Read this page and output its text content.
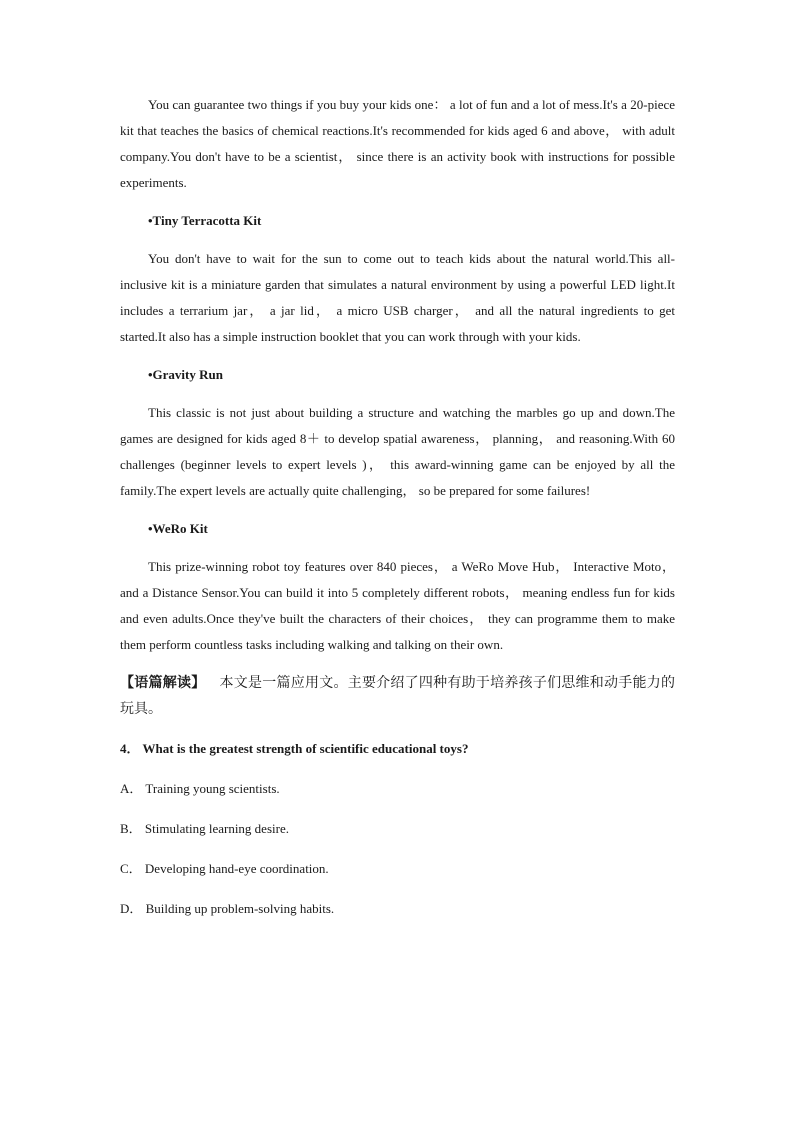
You can guarantee two things if you buy your kids one： a lot of fun and a lot of mess.It's a 20-piece kit that teaches the basics of chemical reactions.It's recommended for kids aged 6 and above， with adult company.You don't have to be a scientist， since there is an activity book with instructions for possible experiments.

•Tiny Terracotta Kit

You don't have to wait for the sun to come out to teach kids about the natural world.This all-inclusive kit is a miniature garden that simulates a natural environment by using a powerful LED light.It includes a terrarium jar， a jar lid， a micro USB charger， and all the natural ingredients to get started.It also has a simple instruction booklet that you can work through with your kids.

•Gravity Run

This classic is not just about building a structure and watching the marbles go up and down.The games are designed for kids aged 8＋ to develop spatial awareness， planning， and reasoning.With 60 challenges (beginner levels to expert levels )， this award-winning game can be enjoyed by all the family.The expert levels are actually quite challenging， so be prepared for some failures!

•WeRo Kit

This prize-winning robot toy features over 840 pieces， a WeRo Move Hub， Interactive Moto， and a Distance Sensor.You can build it into 5 completely different robots， meaning endless fun for kids and even adults.Once they've built the characters of their choices， they can programme them to make them perform countless tasks including walking and talking on their own.

【语篇解读】 本文是一篇应用文。主要介绍了四种有助于培养孩子们思维和动手能力的玩具。

4． What is the greatest strength of scientific educational toys?

A． Training young scientists.

B． Stimulating learning desire.

C． Developing hand-eye coordination.

D． Building up problem-solving habits.
